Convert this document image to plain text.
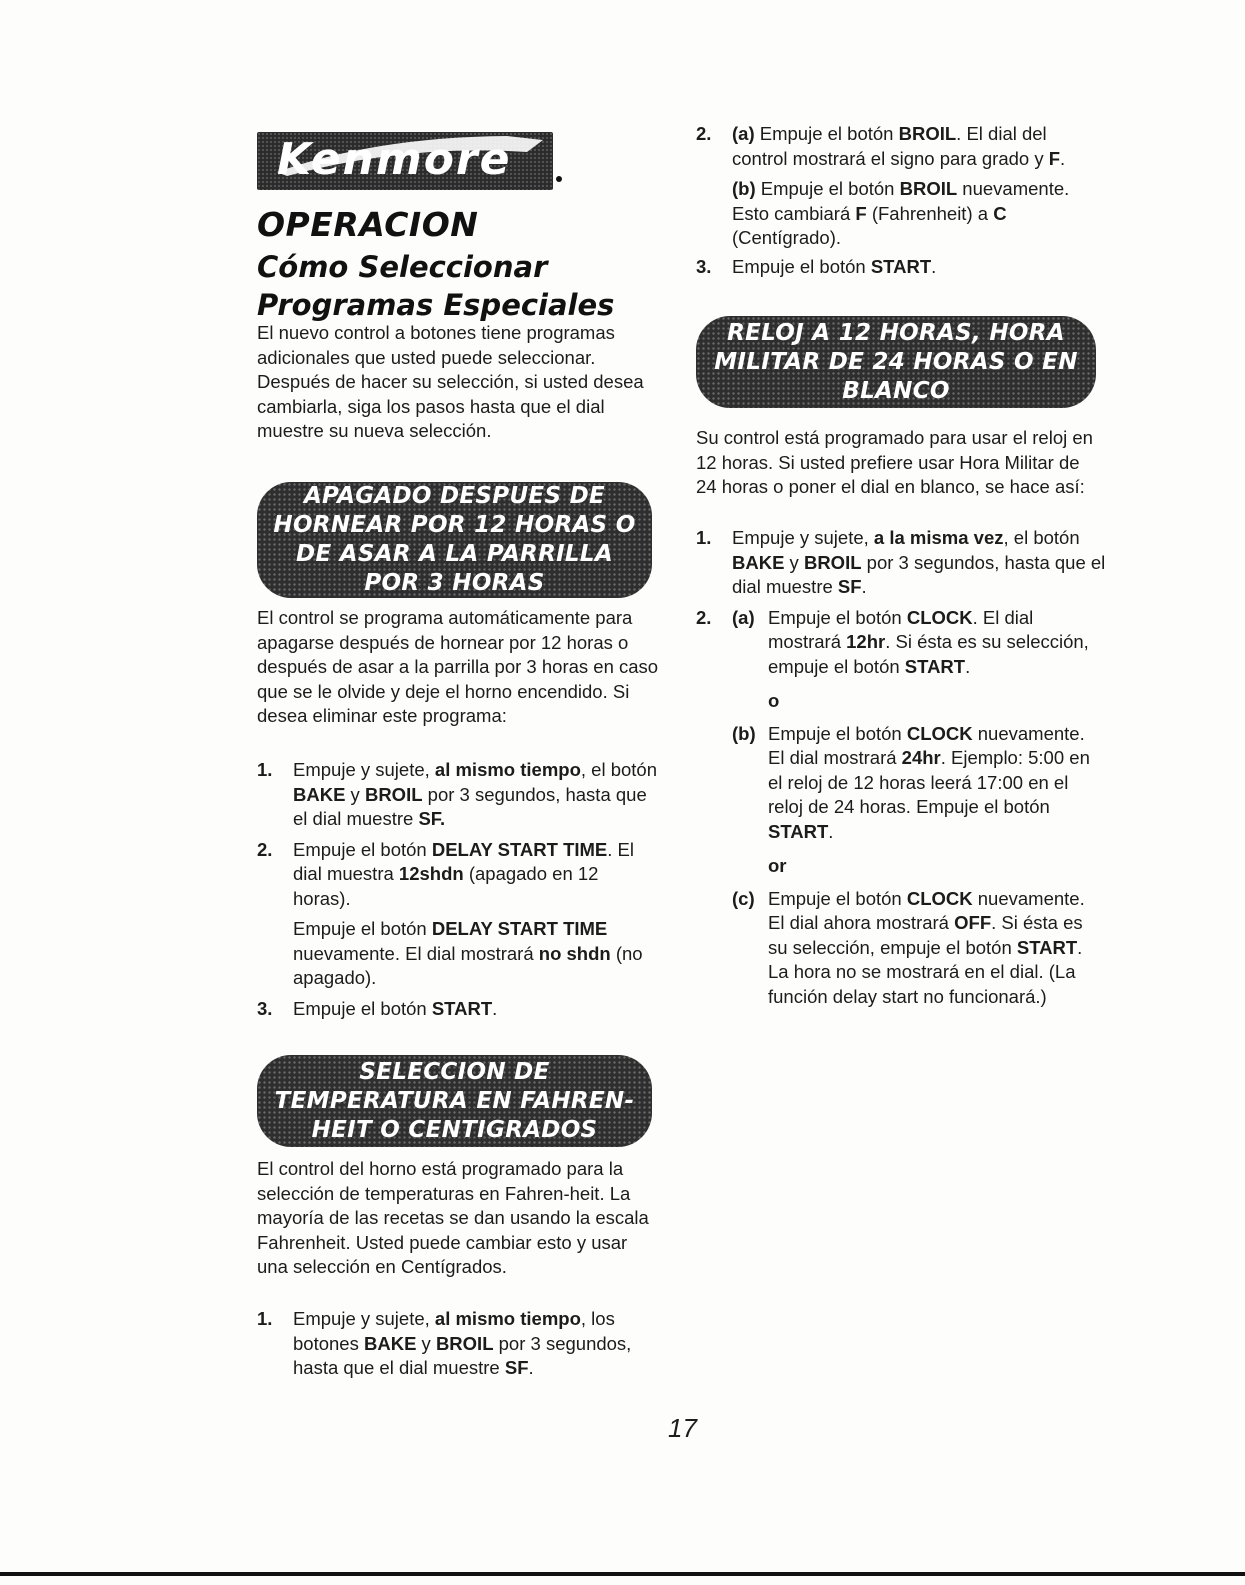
Kenmore
OPERACION
Cómo Seleccionar Programas Especiales

El nuevo control a botones tiene programas adicionales que usted puede seleccionar. Después de hacer su selección, si usted desea cambiarla, siga los pasos hasta que el dial muestre su nueva selección.

APAGADO DESPUES DE HORNEAR POR 12 HORAS O DE ASAR A LA PARRILLA POR 3 HORAS

El control se programa automáticamente para apagarse después de hornear por 12 horas o después de asar a la parrilla por 3 horas en caso que se le olvide y deje el horno encendido. Si desea eliminar este programa:

1. Empuje y sujete, al mismo tiempo, el botón BAKE y BROIL por 3 segundos, hasta que el dial muestre SF.
2. Empuje el botón DELAY START TIME. El dial muestra 12shdn (apagado en 12 horas).
Empuje el botón DELAY START TIME nuevamente. El dial mostrará no shdn (no apagado).
3. Empuje el botón START.
SELECCION DE TEMPERATURA EN FAHREN-HEIT O CENTIGRADOS

El control del horno está programado para la selección de temperaturas en Fahren-heit. La mayoría de las recetas se dan usando la escala Fahrenheit. Usted puede cambiar esto y usar una selección en Centígrados.

1. Empuje y sujete, al mismo tiempo, los botones BAKE y BROIL por 3 segundos, hasta que el dial muestre SF.
2. (a) Empuje el botón BROIL. El dial del control mostrará el signo para grado y F.
(b) Empuje el botón BROIL nuevamente. Esto cambiará F (Fahrenheit) a C (Centígrado).
3. Empuje el botón START.
RELOJ A 12 HORAS, HORA MILITAR DE 24 HORAS O EN BLANCO

Su control está programado para usar el reloj en 12 horas. Si usted prefiere usar Hora Militar de 24 horas o poner el dial en blanco, se hace así:

1. Empuje y sujete, a la misma vez, el botón BAKE y BROIL por 3 segundos, hasta que el dial muestre SF.
2. (a) Empuje el botón CLOCK. El dial mostrará 12hr. Si ésta es su selección, empuje el botón START.
o
(b) Empuje el botón CLOCK nuevamente. El dial mostrará 24hr. Ejemplo: 5:00 en el reloj de 12 horas leerá 17:00 en el reloj de 24 horas. Empuje el botón START.
or
(c) Empuje el botón CLOCK nuevamente. El dial ahora mostrará OFF. Si ésta es su selección, empuje el botón START. La hora no se mostrará en el dial. (La función delay start no funcionará.)
17
